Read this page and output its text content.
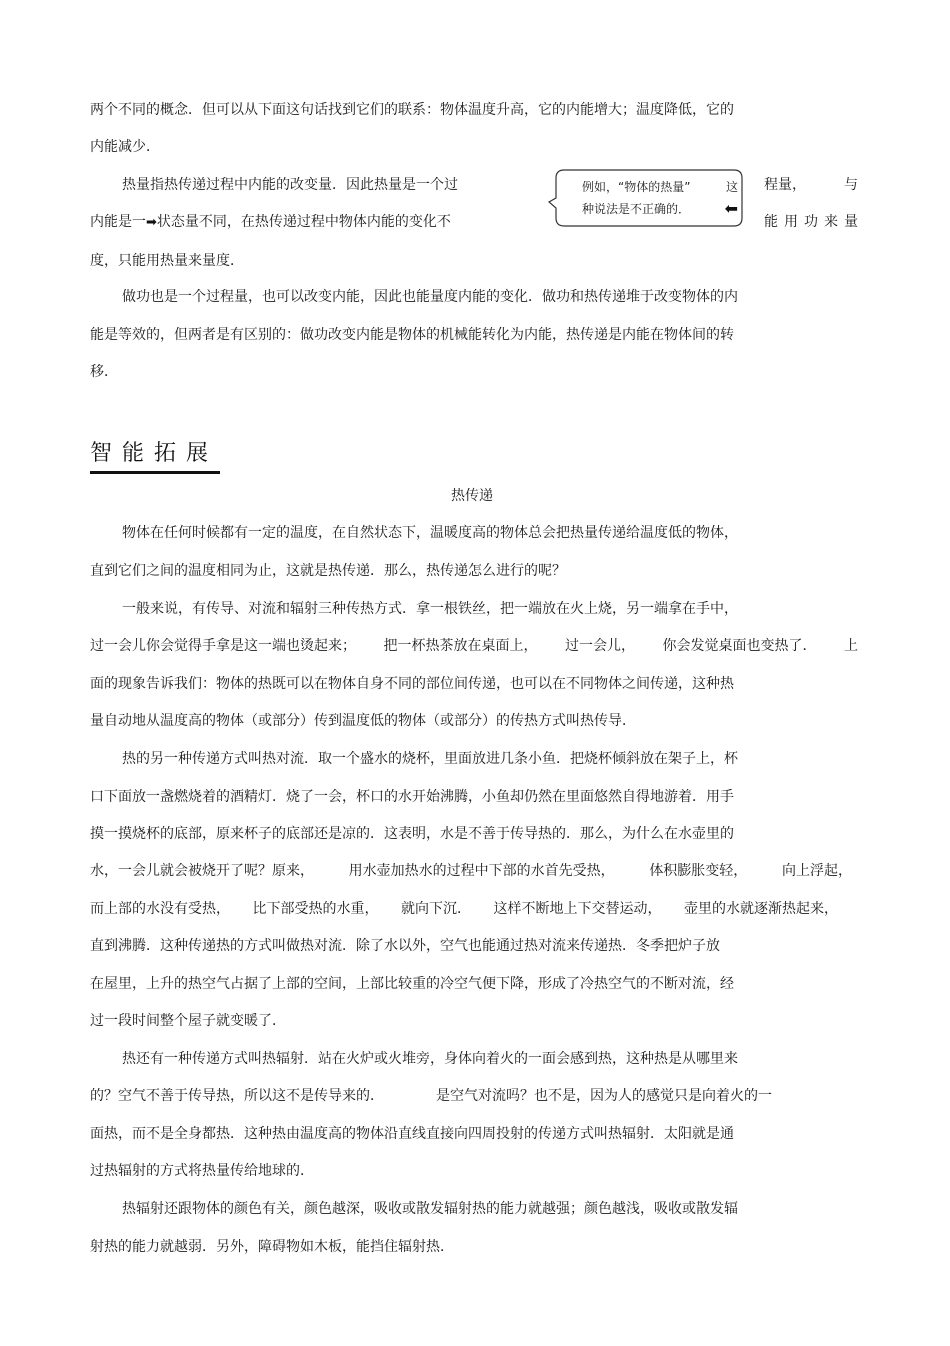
两个不同的概念．但可以从下面这句话找到它们的联系：物体温度升高，它的内能增大；温度降低，它的
内能减少．
热量指热传递过程中内能的改变量．因此热量是一个过	程量，	与
内能是一➡状态量不同，在热传递过程中物体内能的变化不	能用功来量
度，只能用热量来量度．
例如，“物体的热量”	这
种说法是不正确的． ⬅
做功也是一个过程量，也可以改变内能，因此也能量度内能的变化．做功和热传递堆于改变物体的内
能是等效的，但两者是有区别的：做功改变内能是物体的机械能转化为内能，热传递是内能在物体间的转
移．
智能拓展
热传递
物体在任何时候都有一定的温度，在自然状态下，温暖度高的物体总会把热量传递给温度低的物体，
直到它们之间的温度相同为止，这就是热传递．那么，热传递怎么进行的呢？
一般来说，有传导、对流和辐射三种传热方式．拿一根铁丝，把一端放在火上烧，另一端拿在手中，
过一会儿你会觉得手拿是这一端也烫起来； 把一杯热茶放在桌面上， 过一会儿， 你会发觉桌面也变热了． 上
面的现象告诉我们：物体的热既可以在物体自身不同的部位间传递，也可以在不同物体之间传递，这种热
量自动地从温度高的物体（或部分）传到温度低的物体（或部分）的传热方式叫热传导．
热的另一种传递方式叫热对流．取一个盛水的烧杯，里面放进几条小鱼．把烧杯倾斜放在架子上，杯
口下面放一盏燃烧着的酒精灯．烧了一会，杯口的水开始沸腾，小鱼却仍然在里面悠然自得地游着．用手
摸一摸烧杯的底部，原来杯子的底部还是凉的．这表明，水是不善于传导热的．那么，为什么在水壶里的
水，一会儿就会被烧开了呢？原来， 用水壶加热水的过程中下部的水首先受热， 体积膨胀变轻， 向上浮起，
而上部的水没有受热， 比下部受热的水重， 就向下沉． 这样不断地上下交替运动， 壶里的水就逐渐热起来，
直到沸腾．这种传递热的方式叫做热对流．除了水以外，空气也能通过热对流来传递热．冬季把炉子放
在屋里，上升的热空气占据了上部的空间，上部比较重的冷空气便下降，形成了冷热空气的不断对流，经
过一段时间整个屋子就变暖了．
热还有一种传递方式叫热辐射．站在火炉或火堆旁，身体向着火的一面会感到热，这种热是从哪里来
的？空气不善于传导热，所以这不是传导来的．	是空气对流吗？也不是，因为人的感觉只是向着火的一
面热，而不是全身都热．这种热由温度高的物体沿直线直接向四周投射的传递方式叫热辐射．太阳就是通
过热辐射的方式将热量传给地球的．
热辐射还跟物体的颜色有关，颜色越深，吸收或散发辐射热的能力就越强；颜色越浅，吸收或散发辐
射热的能力就越弱．另外，障碍物如木板，能挡住辐射热．
